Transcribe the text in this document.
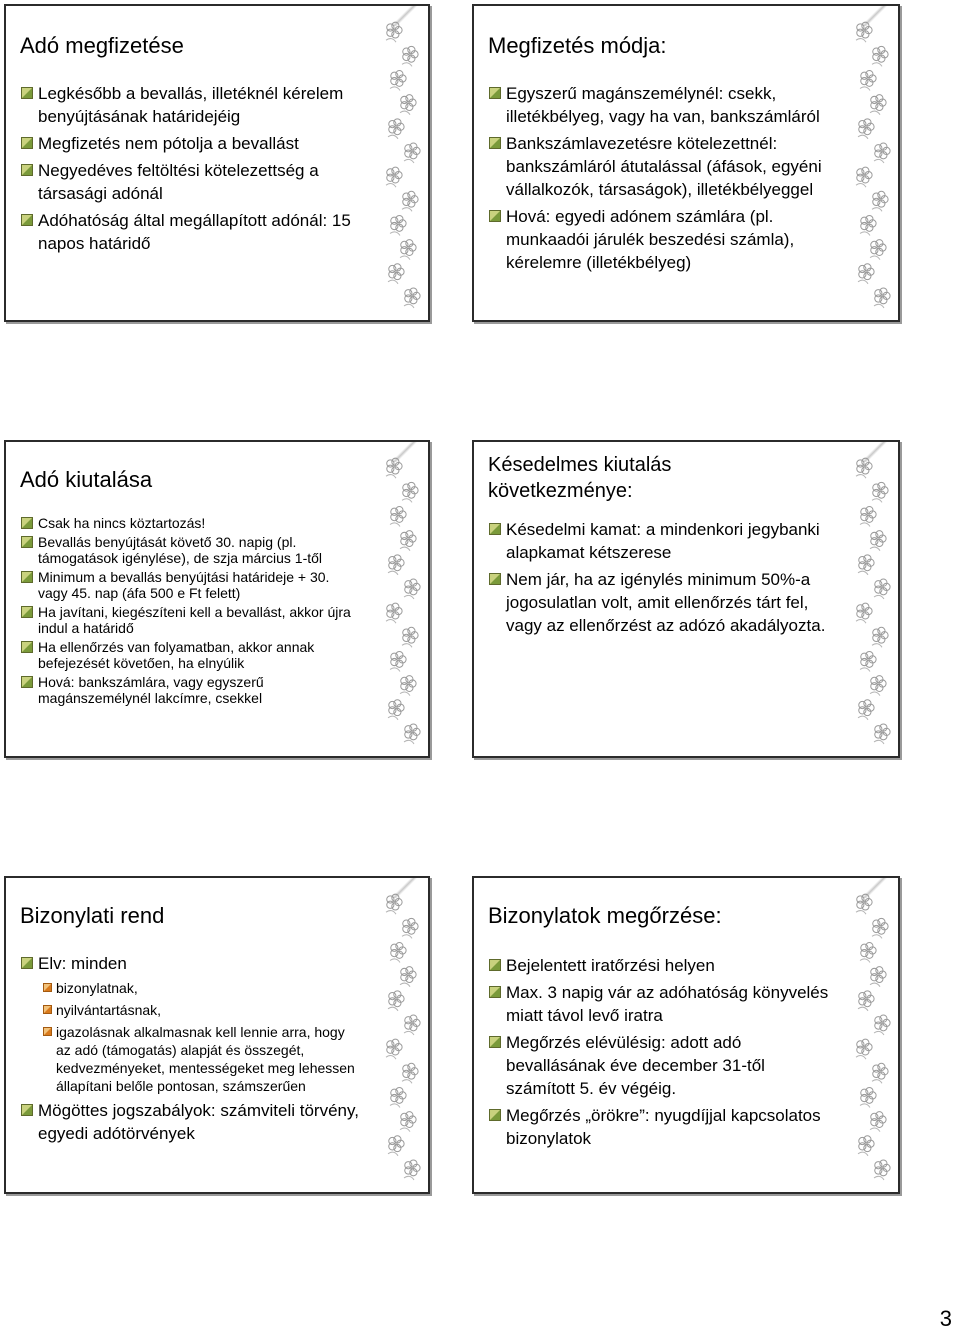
Adó megfizetése
Legkésőbb a bevallás, illetéknél kérelem benyújtásának határidejéig
Megfizetés nem pótolja a bevallást
Negyedéves feltöltési kötelezettség a társasági adónál
Adóhatóság által megállapított adónál: 15 napos határidő
Megfizetés módja:
Egyszerű magánszemélynél: csekk, illetékbélyeg, vagy ha van, bankszámláról
Bankszámlavezetésre kötelezettnél: bankszámláról átutalással (áfások, egyéni vállalkozók, társaságok), illetékbélyeggel
Hová: egyedi adónem számlára (pl. munkaadói járulék beszedési számla), kérelemre (illetékbélyeg)
Adó kiutalása
Csak ha nincs köztartozás!
Bevallás benyújtását követő 30. napig (pl. támogatások igénylése), de szja március 1-től
Minimum a bevallás benyújtási határideje + 30. vagy 45. nap (áfa 500 e Ft felett)
Ha javítani, kiegészíteni kell a bevallást, akkor újra indul a határidő
Ha ellenőrzés van folyamatban, akkor annak befejezését követően, ha elnyúlik
Hová: bankszámlára, vagy egyszerű magánszemélynél lakcímre, csekkel
Késedelmes kiutalás következménye:
Késedelmi kamat: a mindenkori jegybanki alapkamat kétszerese
Nem jár, ha az igénylés minimum 50%-a jogosulatlan volt, amit ellenőrzés tárt fel, vagy az ellenőrzést az adózó akadályozta.
Bizonylati rend
Elv: minden
bizonylatnak,
nyilvántartásnak,
igazolásnak alkalmasnak kell lennie arra, hogy az adó (támogatás) alapját és összegét, kedvezményeket, mentességeket meg lehessen állapítani belőle pontosan, számszerűen
Mögöttes jogszabályok: számviteli törvény, egyedi adótörvények
Bizonylatok megőrzése:
Bejelentett iratőrzési helyen
Max. 3 napig vár az adóhatóság könyvelés miatt távol levő iratra
Megőrzés elévülésig: adott adó bevallásának éve december 31-től számított 5. év végéig.
Megőrzés „örökre”: nyugdíjjal kapcsolatos bizonylatok
3
